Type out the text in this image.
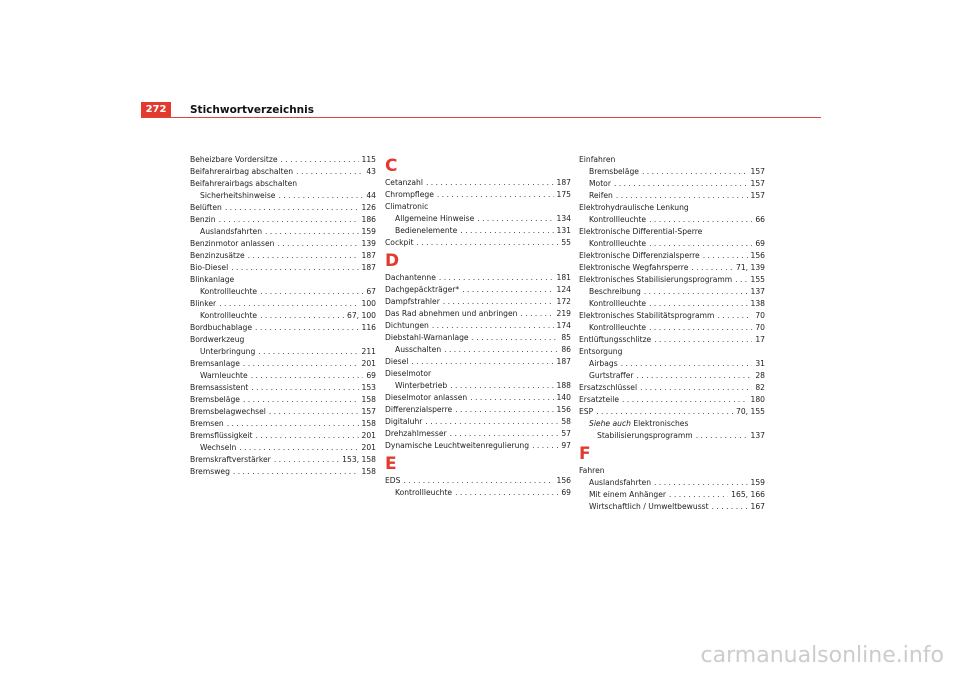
272	Stichwortverzeichnis
Beheizbare Vordersitze . . .	115
Beifahrerairbag abschalten . . .	43
Beifahrerairbags abschalten
Sicherheitshinweise . . .	44
Belüften . . .	126
Benzin . . .	186
Auslandsfahrten . . .	159
Benzinmotor anlassen . . .	139
Benzinzusätze . . .	187
Bio-Diesel . . .	187
Blinkanlage
Kontrollleuchte . . .	67
Blinker . . .	100
Kontrollleuchte . . .	67, 100
Bordbuchablage . . .	116
Bordwerkzeug
Unterbringung . . .	211
Bremsanlage . . .	201
Warnleuchte . . .	69
Bremsassistent . . .	153
Bremsbeläge . . .	158
Bremsbelagwechsel . . .	157
Bremsen . . .	158
Bremsflüssigkeit . . .	201
Wechseln . . .	201
Bremskraftverstärker . . .	153, 158
Bremsweg . . .	158
C
Cetanzahl . . .	187
Chrompflege . . .	175
Climatronic
Allgemeine Hinweise . . .	134
Bedienelemente . . .	131
Cockpit . . .	55
D
Dachantenne . . .	181
Dachgepäckträger* . . .	124
Dampfstrahler . . .	172
Das Rad abnehmen und anbringen . . .	219
Dichtungen . . .	174
Diebstahl-Warnanlage . . .	85
Ausschalten . . .	86
Diesel . . .	187
Dieselmotor
Winterbetrieb . . .	188
Dieselmotor anlassen . . .	140
Differenzialsperre . . .	156
Digitaluhr . . .	58
Drehzahlmesser . . .	57
Dynamische Leuchtweitenregulierung . . .	97
E
EDS . . .	156
Kontrollleuchte . . .	69
Einfahren
Bremsbeläge . . .	157
Motor . . .	157
Reifen . . .	157
Elektrohydraulische Lenkung
Kontrollleuchte . . .	66
Elektronische Differential-Sperre
Kontrollleuchte . . .	69
Elektronische Differenzialsperre . . .	156
Elektronische Wegfahrsperre . . .	71, 139
Elektronisches Stabilisierungsprogramm . . . 155
Beschreibung . . .	137
Kontrollleuchte . . .	138
Elektronisches Stabilitätsprogramm . . .	70
Kontrollleuchte . . .	70
Entlüftungsschlitze . . .	17
Entsorgung
Airbags . . .	31
Gurtstraffer . . .	28
Ersatzschlüssel . . .	82
Ersatzteile . . .	180
ESP . . .	70, 155
Siehe auch Elektronisches
Stabilisierungsprogramm . . .	137
F
Fahren
Auslandsfahrten . . .	159
Mit einem Anhänger . . .	165, 166
Wirtschaftlich / Umweltbewusst . . .	167
carmanualsonline.info
